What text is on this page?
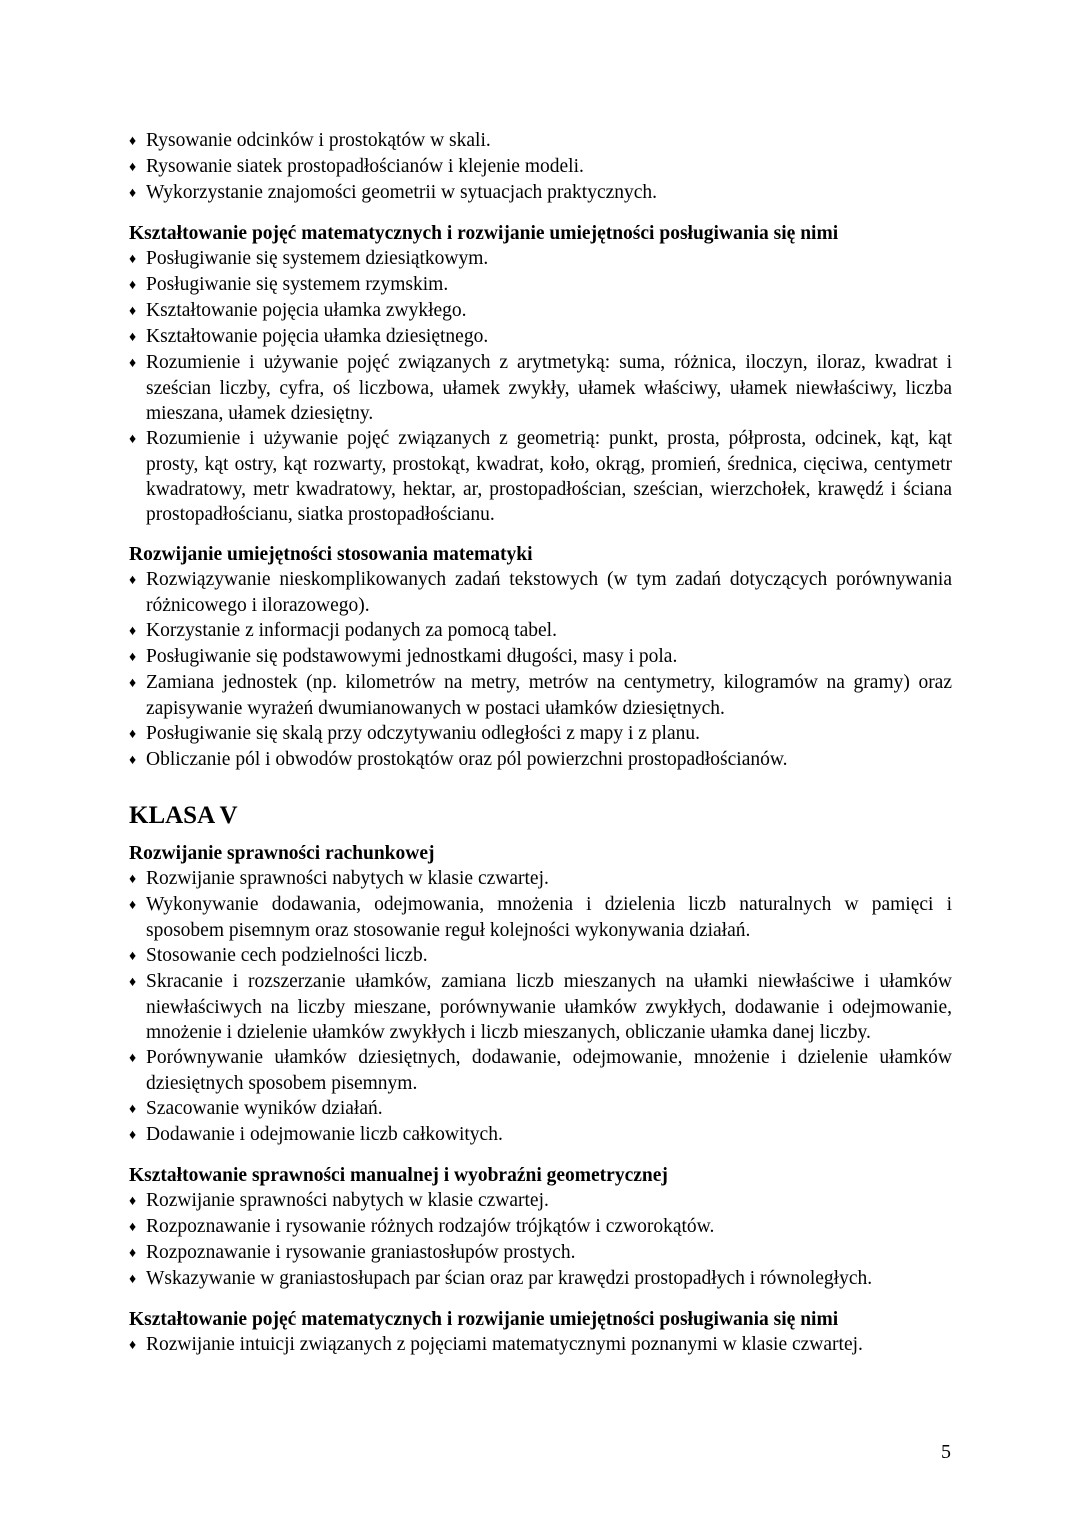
♦ Rysowanie odcinków i prostokątów w skali.
♦ Rysowanie siatek prostopadłościanów i klejenie modeli.
♦ Wykorzystanie znajomości geometrii w sytuacjach praktycznych.
Kształtowanie pojęć matematycznych i rozwijanie umiejętności posługiwania się nimi
♦ Posługiwanie się systemem dziesiątkowym.
♦ Posługiwanie się systemem rzymskim.
♦ Kształtowanie pojęcia ułamka zwykłego.
♦ Kształtowanie pojęcia ułamka dziesiętnego.
♦ Rozumienie i używanie pojęć związanych z arytmetyką: suma, różnica, iloczyn, iloraz, kwadrat i sześcian liczby, cyfra, oś liczbowa, ułamek zwykły, ułamek właściwy, ułamek niewłaściwy, liczba mieszana, ułamek dziesiętny.
♦ Rozumienie i używanie pojęć związanych z geometrią: punkt, prosta, półprosta, odcinek, kąt, kąt prosty, kąt ostry, kąt rozwarty, prostokąt, kwadrat, koło, okrąg, promień, średnica, cięciwa, centymetr kwadratowy, metr kwadratowy, hektar, ar, prostopadłościan, sześcian, wierzchołek, krawędź i ściana prostopadłościanu, siatka prostopadłościanu.
Rozwijanie umiejętności stosowania matematyki
♦ Rozwiązywanie nieskomplikowanych zadań tekstowych (w tym zadań dotyczących porównywania różnicowego i ilorazowego).
♦ Korzystanie z informacji podanych za pomocą tabel.
♦ Posługiwanie się podstawowymi jednostkami długości, masy i pola.
♦ Zamiana jednostek (np. kilometrów na metry, metrów na centymetry, kilogramów na gramy) oraz zapisywanie wyrażeń dwumianowanych w postaci ułamków dziesiętnych.
♦ Posługiwanie się skalą przy odczytywaniu odległości z mapy i z planu.
♦ Obliczanie pól i obwodów prostokątów oraz pól powierzchni prostopadłościanów.
KLASA V
Rozwijanie sprawności rachunkowej
♦ Rozwijanie sprawności nabytych w klasie czwartej.
♦ Wykonywanie dodawania, odejmowania, mnożenia i dzielenia liczb naturalnych w pamięci i sposobem pisemnym oraz stosowanie reguł kolejności wykonywania działań.
♦ Stosowanie cech podzielności liczb.
♦ Skracanie i rozszerzanie ułamków, zamiana liczb mieszanych na ułamki niewłaściwe i ułamków niewłaściwych na liczby mieszane, porównywanie ułamków zwykłych, dodawanie i odejmowanie, mnożenie i dzielenie ułamków zwykłych i liczb mieszanych, obliczanie ułamka danej liczby.
♦ Porównywanie ułamków dziesiętnych, dodawanie, odejmowanie, mnożenie i dzielenie ułamków dziesiętnych sposobem pisemnym.
♦ Szacowanie wyników działań.
♦ Dodawanie i odejmowanie liczb całkowitych.
Kształtowanie sprawności manualnej i wyobraźni geometrycznej
♦ Rozwijanie sprawności nabytych w klasie czwartej.
♦ Rozpoznawanie i rysowanie różnych rodzajów trójkątów i czworokątów.
♦ Rozpoznawanie i rysowanie graniastosłupów prostych.
♦ Wskazywanie w graniastosłupach par ścian oraz par krawędzi prostopadłych i równoległych.
Kształtowanie pojęć matematycznych i rozwijanie umiejętności posługiwania się nimi
♦ Rozwijanie intuicji związanych z pojęciami matematycznymi poznanymi w klasie czwartej.
5
